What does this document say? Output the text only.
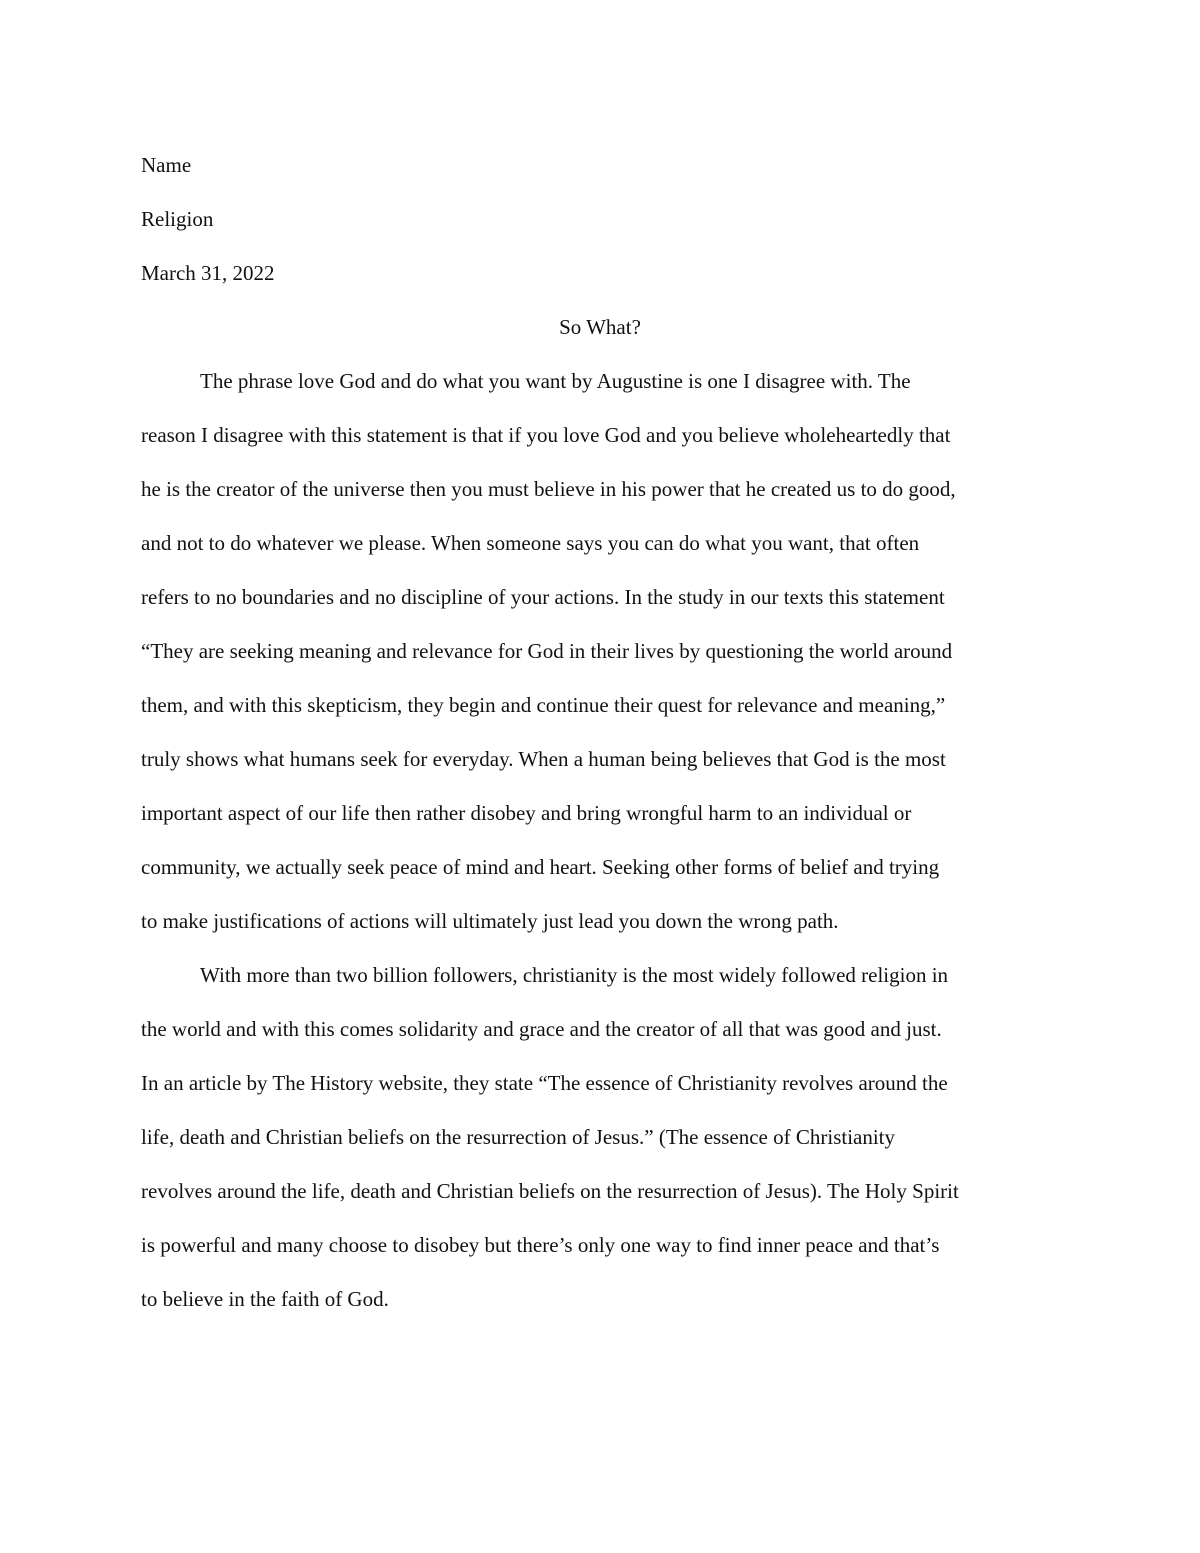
Name
Religion
March 31, 2022
So What?
The phrase love God and do what you want by Augustine is one I disagree with. The
reason I disagree with this statement is that if you love God and you believe wholeheartedly that
he is the creator of the universe then you must believe in his power that he created us to do good,
and not to do whatever we please. When someone says you can do what you want, that often
refers to no boundaries and no discipline of your actions. In the study in our texts this statement
“They are seeking meaning and relevance for God in their lives by questioning the world around
them, and with this skepticism, they begin and continue their quest for relevance and meaning,”
truly shows what humans seek for everyday. When a human being believes that God is the most
important aspect of our life then rather disobey and bring wrongful harm to an individual or
community, we actually seek peace of mind and heart. Seeking other forms of belief and trying
to make justifications of actions will ultimately just lead you down the wrong path.
With more than two billion followers, christianity is the most widely followed religion in
the world and with this comes solidarity and grace and the creator of all that was good and just.
In an article by The History website, they state “The essence of Christianity revolves around the
life, death and Christian beliefs on the resurrection of Jesus.” (The essence of Christianity
revolves around the life, death and Christian beliefs on the resurrection of Jesus). The Holy Spirit
is powerful and many choose to disobey but there’s only one way to find inner peace and that’s
to believe in the faith of God.
